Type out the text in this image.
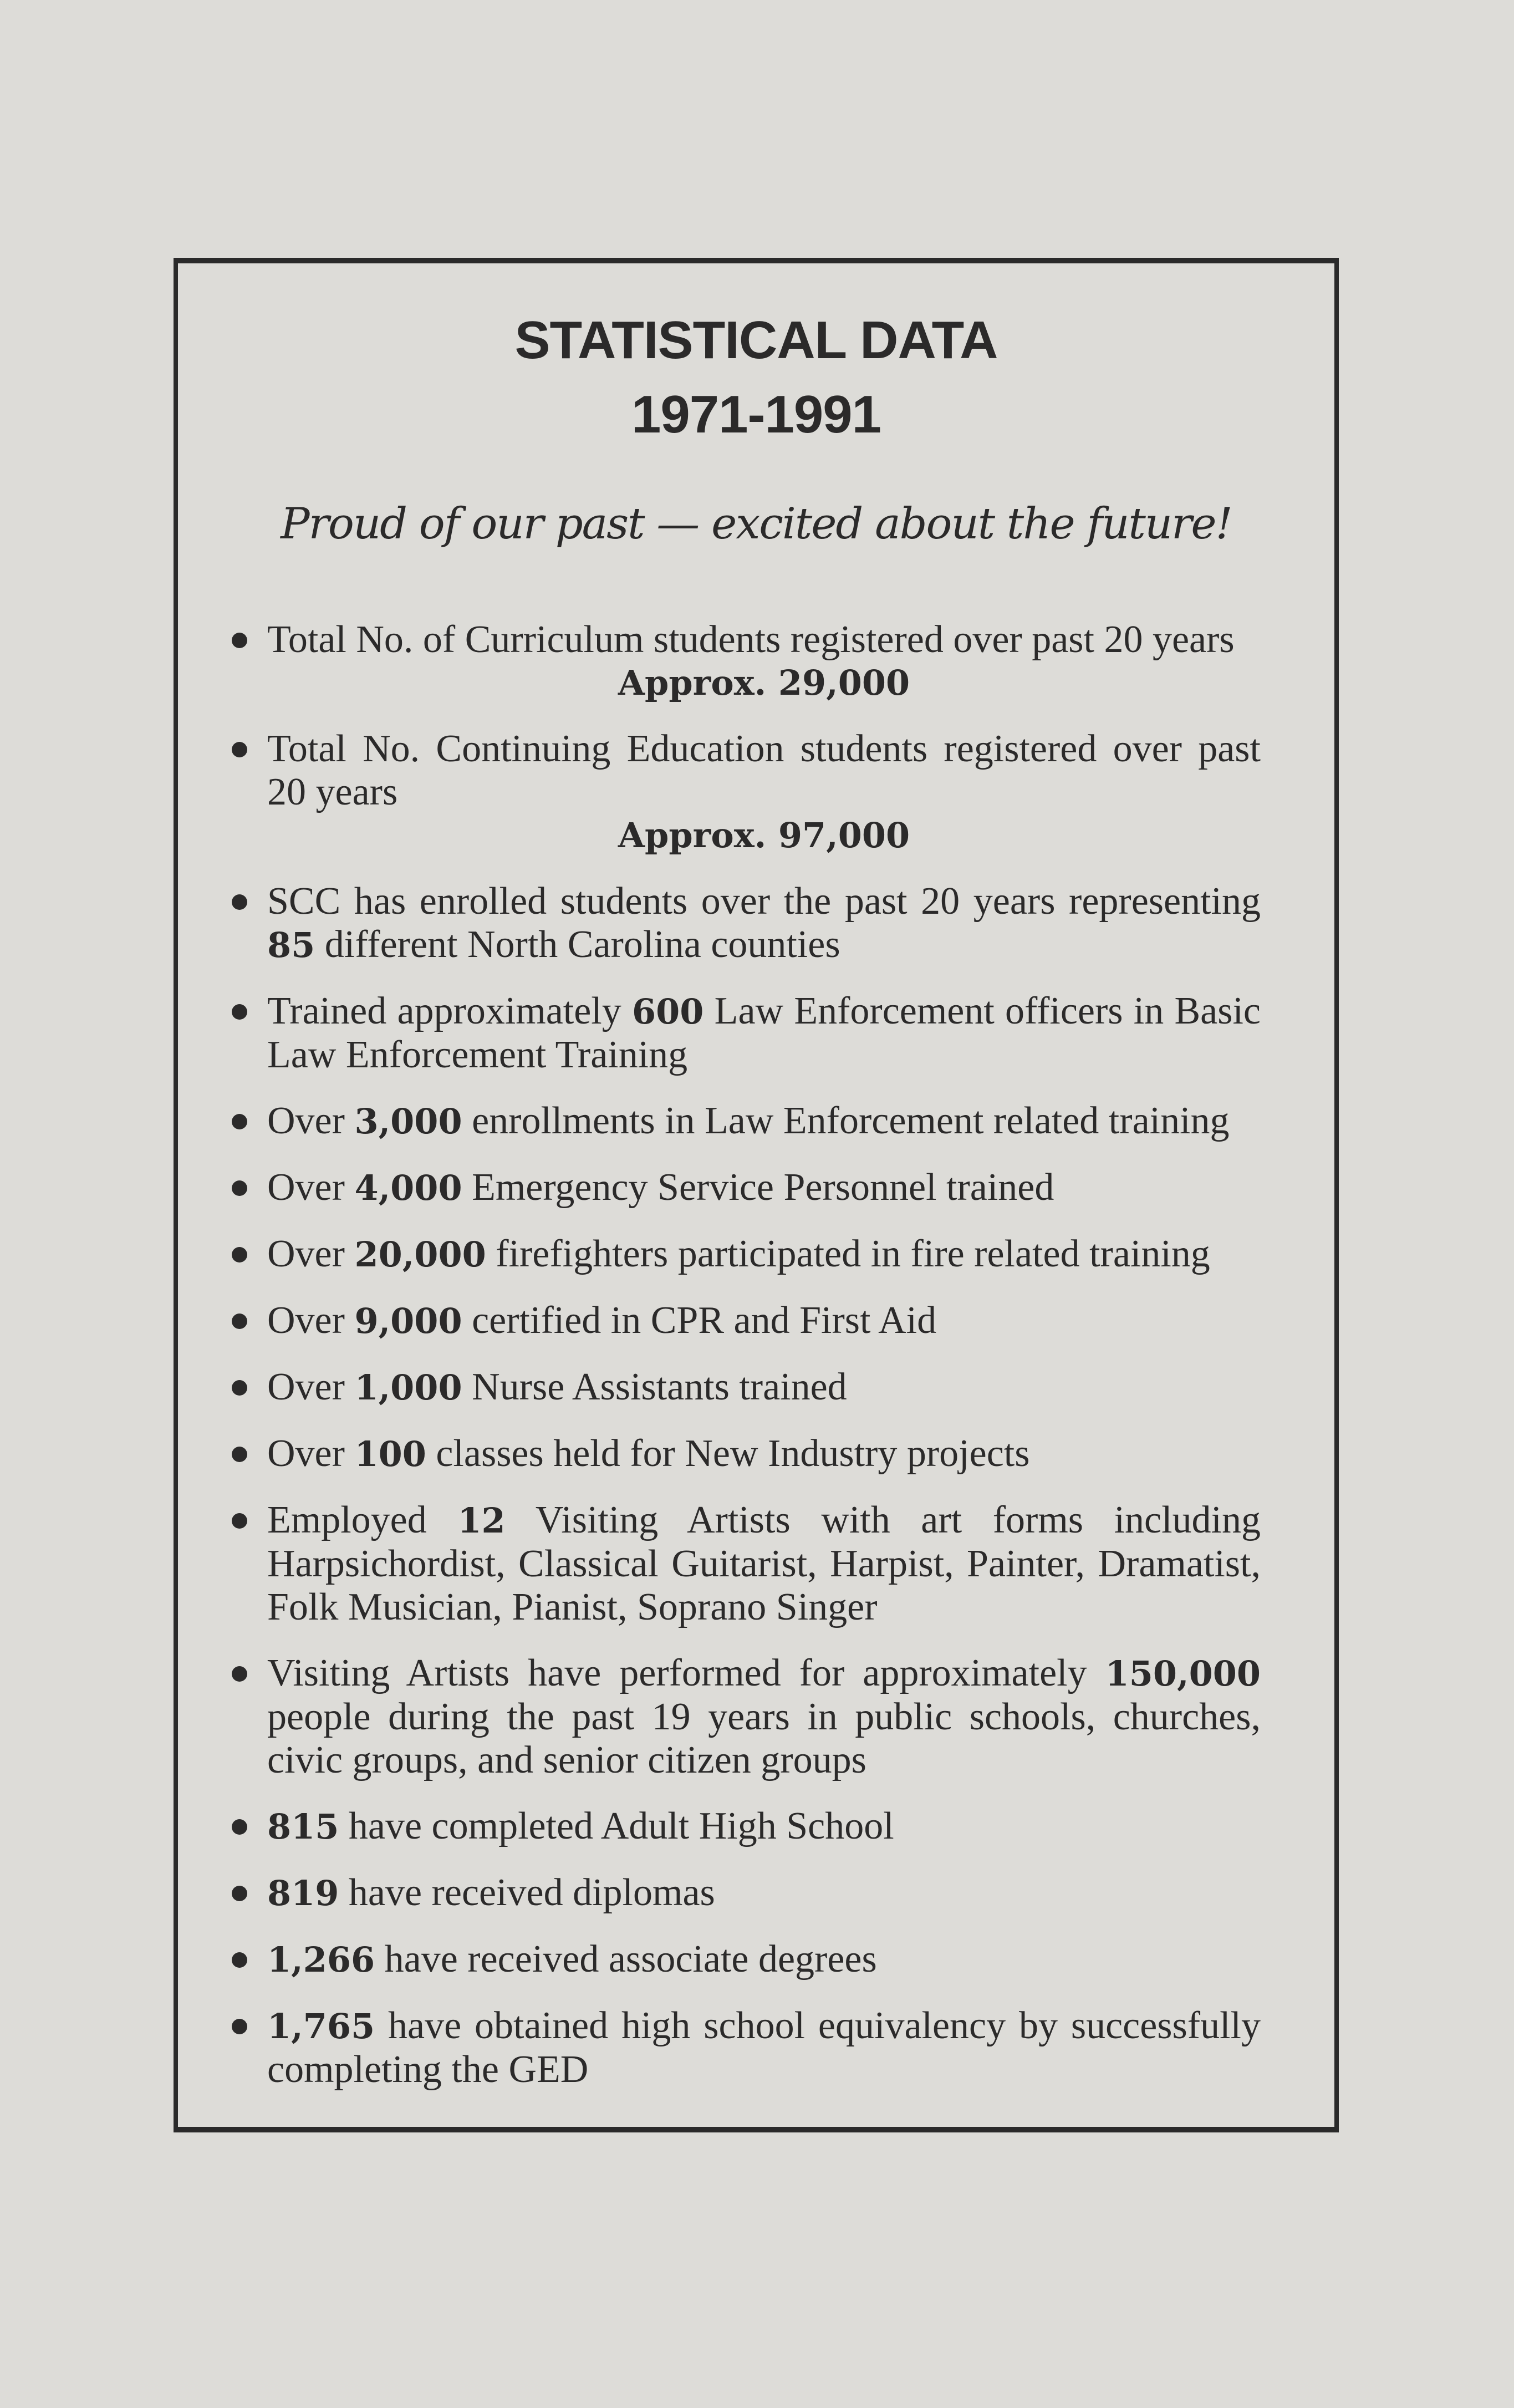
STATISTICAL DATA
1971-1991
Proud of our past — excited about the future!
Total No. of Curriculum students registered over past 20 years
Approx. 29,000
Total No. Continuing Education students registered over past 20 years
Approx. 97,000
SCC has enrolled students over the past 20 years representing 85 different North Carolina counties
Trained approximately 600 Law Enforcement officers in Basic Law Enforcement Training
Over 3,000 enrollments in Law Enforcement related training
Over 4,000 Emergency Service Personnel trained
Over 20,000 firefighters participated in fire related training
Over 9,000 certified in CPR and First Aid
Over 1,000 Nurse Assistants trained
Over 100 classes held for New Industry projects
Employed 12 Visiting Artists with art forms including Harpsichordist, Classical Guitarist, Harpist, Painter, Dramatist, Folk Musician, Pianist, Soprano Singer
Visiting Artists have performed for approximately 150,000 people during the past 19 years in public schools, churches, civic groups, and senior citizen groups
815 have completed Adult High School
819 have received diplomas
1,266 have received associate degrees
1,765 have obtained high school equivalency by successfully completing the GED
